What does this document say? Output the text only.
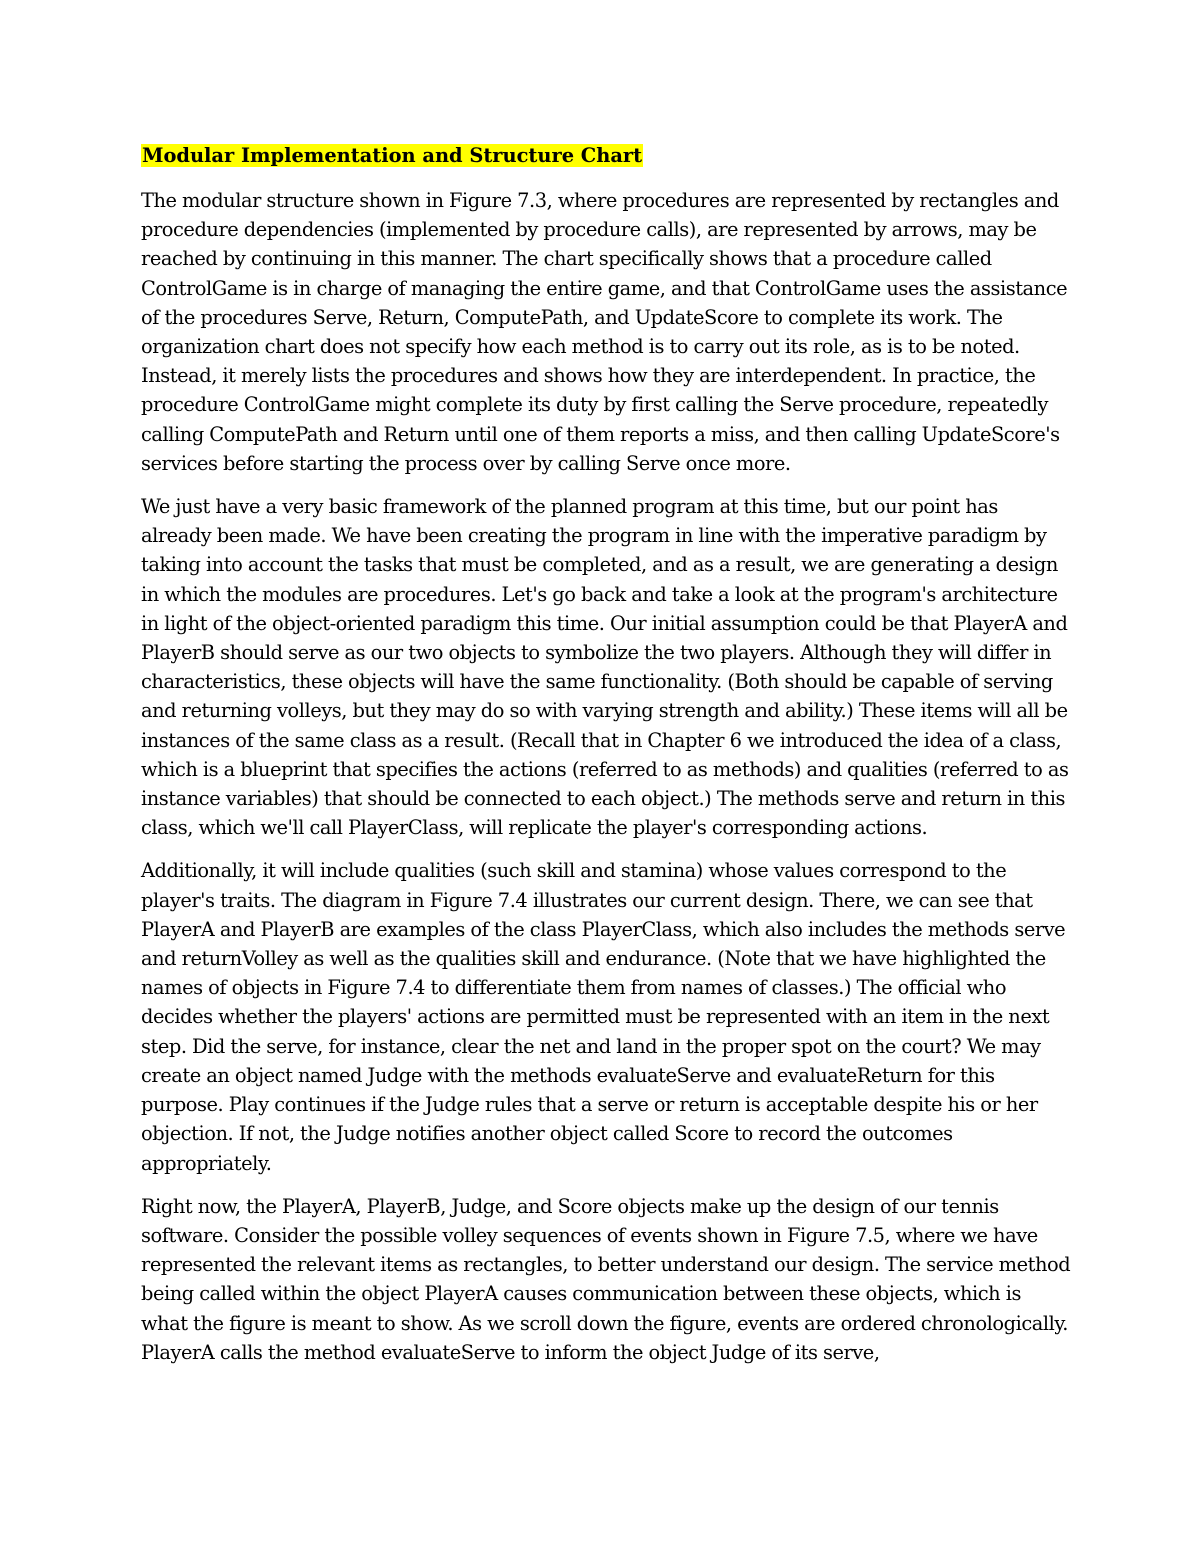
Modular Implementation and Structure Chart

The modular structure shown in Figure 7.3, where procedures are represented by rectangles and procedure dependencies (implemented by procedure calls), are represented by arrows, may be reached by continuing in this manner. The chart specifically shows that a procedure called ControlGame is in charge of managing the entire game, and that ControlGame uses the assistance of the procedures Serve, Return, ComputePath, and UpdateScore to complete its work. The organization chart does not specify how each method is to carry out its role, as is to be noted. Instead, it merely lists the procedures and shows how they are interdependent. In practice, the procedure ControlGame might complete its duty by first calling the Serve procedure, repeatedly calling ComputePath and Return until one of them reports a miss, and then calling UpdateScore's services before starting the process over by calling Serve once more.

We just have a very basic framework of the planned program at this time, but our point has already been made. We have been creating the program in line with the imperative paradigm by taking into account the tasks that must be completed, and as a result, we are generating a design in which the modules are procedures. Let's go back and take a look at the program's architecture in light of the object-oriented paradigm this time. Our initial assumption could be that PlayerA and PlayerB should serve as our two objects to symbolize the two players. Although they will differ in characteristics, these objects will have the same functionality. (Both should be capable of serving and returning volleys, but they may do so with varying strength and ability.) These items will all be instances of the same class as a result. (Recall that in Chapter 6 we introduced the idea of a class, which is a blueprint that specifies the actions (referred to as methods) and qualities (referred to as instance variables) that should be connected to each object.) The methods serve and return in this class, which we'll call PlayerClass, will replicate the player's corresponding actions.

Additionally, it will include qualities (such skill and stamina) whose values correspond to the player's traits. The diagram in Figure 7.4 illustrates our current design. There, we can see that PlayerA and PlayerB are examples of the class PlayerClass, which also includes the methods serve and returnVolley as well as the qualities skill and endurance. (Note that we have highlighted the names of objects in Figure 7.4 to differentiate them from names of classes.) The official who decides whether the players' actions are permitted must be represented with an item in the next step. Did the serve, for instance, clear the net and land in the proper spot on the court? We may create an object named Judge with the methods evaluateServe and evaluateReturn for this purpose. Play continues if the Judge rules that a serve or return is acceptable despite his or her objection. If not, the Judge notifies another object called Score to record the outcomes appropriately.

Right now, the PlayerA, PlayerB, Judge, and Score objects make up the design of our tennis software. Consider the possible volley sequences of events shown in Figure 7.5, where we have represented the relevant items as rectangles, to better understand our design. The service method being called within the object PlayerA causes communication between these objects, which is what the figure is meant to show. As we scroll down the figure, events are ordered chronologically. PlayerA calls the method evaluateServe to inform the object Judge of its serve,
